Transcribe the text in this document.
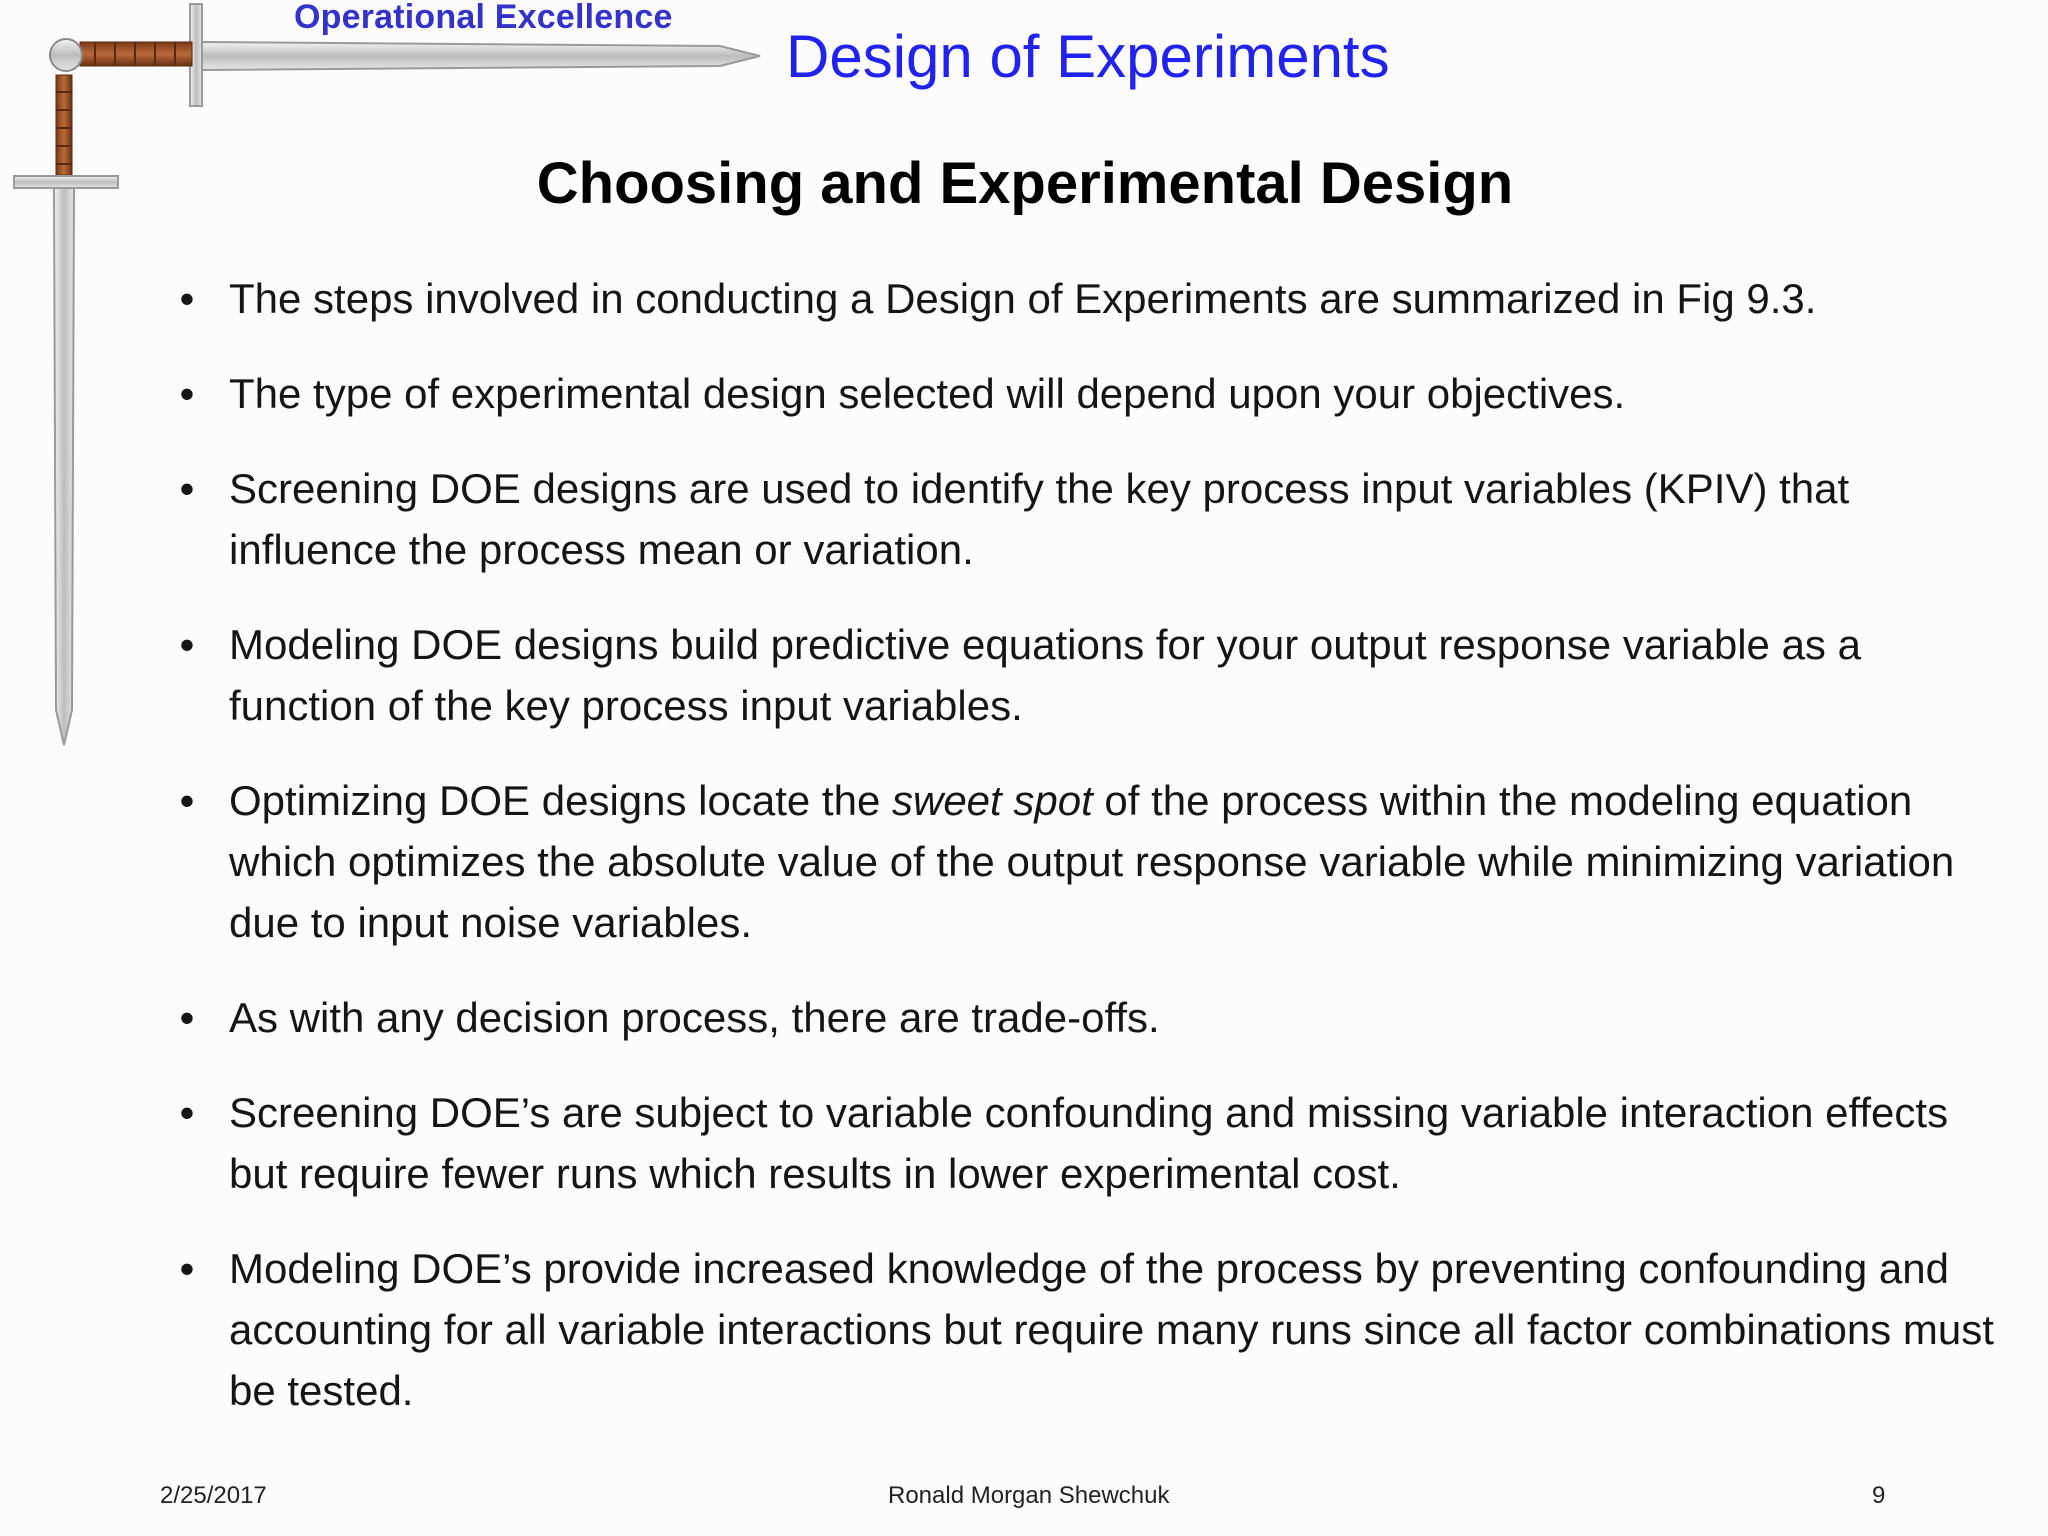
Operational Excellence
Design of Experiments
Choosing and Experimental Design
• The steps involved in conducting a Design of Experiments are summarized in Fig 9.3.
• The type of experimental design selected will depend upon your objectives.
• Screening DOE designs are used to identify the key process input variables (KPIV) that influence the process mean or variation.
• Modeling DOE designs build predictive equations for your output response variable as a function of the key process input variables.
• Optimizing DOE designs locate the sweet spot of the process within the modeling equation which optimizes the absolute value of the output response variable while minimizing variation due to input noise variables.
• As with any decision process, there are trade-offs.
• Screening DOE’s are subject to variable confounding and missing variable interaction effects but require fewer runs which results in lower experimental cost.
• Modeling DOE’s provide increased knowledge of the process by preventing confounding and accounting for all variable interactions but require many runs since all factor combinations must be tested.
2/25/2017	Ronald Morgan Shewchuk	9
